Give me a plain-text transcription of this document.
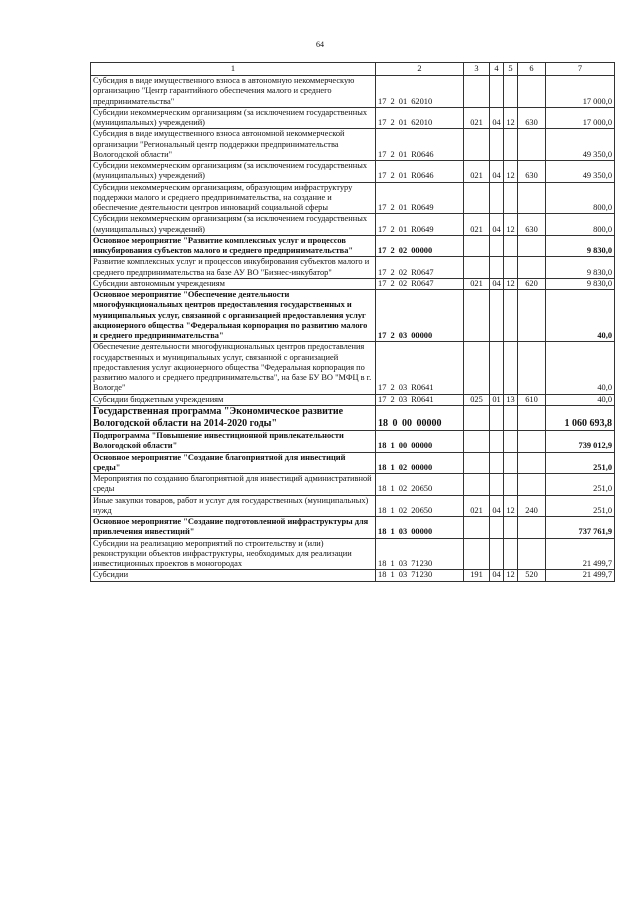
64
1	2	3	4	5	6	7
Субсидия в виде имущественного взноса в автономную некоммерческую организацию "Центр гарантийного обеспечения малого и среднего предпринимательства"	17 2 01 62010					17 000,0
Субсидии некоммерческим организациям (за исключением государственных (муниципальных) учреждений)	17 2 01 62010	021	04	12	630	17 000,0
Субсидия в виде имущественного взноса автономной некоммерческой организации "Региональный центр поддержки предпринимательства Вологодской области"	17 2 01 R0646					49 350,0
Субсидии некоммерческим организациям (за исключением государственных (муниципальных) учреждений)	17 2 01 R0646	021	04	12	630	49 350,0
Субсидии некоммерческим организациям, образующим инфраструктуру поддержки малого и среднего предпринимательства, на создание и обеспечение деятельности центров инноваций социальной сферы	17 2 01 R0649					800,0
Субсидии некоммерческим организациям (за исключением государственных (муниципальных) учреждений)	17 2 01 R0649	021	04	12	630	800,0
Основное мероприятие "Развитие комплексных услуг и процессов инкубирования субъектов малого и среднего предпринимательства"	17 2 02 00000					9 830,0
Развитие комплексных услуг и процессов инкубирования субъектов малого и среднего предпринимательства на базе АУ ВО "Бизнес-инкубатор"	17 2 02 R0647					9 830,0
Субсидии автономным учреждениям	17 2 02 R0647	021	04	12	620	9 830,0
Основное мероприятие "Обеспечение деятельности многофункциональных центров предоставления государственных и муниципальных услуг, связанной с организацией предоставления услуг акционерного общества "Федеральная корпорация по развитию малого и среднего предпринимательства"	17 2 03 00000					40,0
Обеспечение деятельности многофункциональных центров предоставления государственных и муниципальных услуг, связанной с организацией предоставления услуг акционерного общества "Федеральная корпорация по развитию малого и среднего предпринимательства", на базе БУ ВО "МФЦ в г. Вологде"	17 2 03 R0641					40,0
Субсидии бюджетным учреждениям	17 2 03 R0641	025	01	13	610	40,0
Государственная программа "Экономическое развитие Вологодской области на 2014-2020 годы"	18 0 00 00000					1 060 693,8
Подпрограмма "Повышение инвестиционной привлекательности Вологодской области"	18 1 00 00000					739 012,9
Основное мероприятие "Создание благоприятной для инвестиций среды"	18 1 02 00000					251,0
Мероприятия по созданию благоприятной для инвестиций административной среды	18 1 02 20650					251,0
Иные закупки товаров, работ и услуг для государственных (муниципальных) нужд	18 1 02 20650	021	04	12	240	251,0
Основное мероприятие "Создание подготовленной инфраструктуры для привлечения инвестиций"	18 1 03 00000					737 761,9
Субсидии на реализацию мероприятий по строительству и (или) реконструкции объектов инфраструктуры, необходимых для реализации инвестиционных проектов в моногородах	18 1 03 71230					21 499,7
Субсидии	18 1 03 71230	191	04	12	520	21 499,7
